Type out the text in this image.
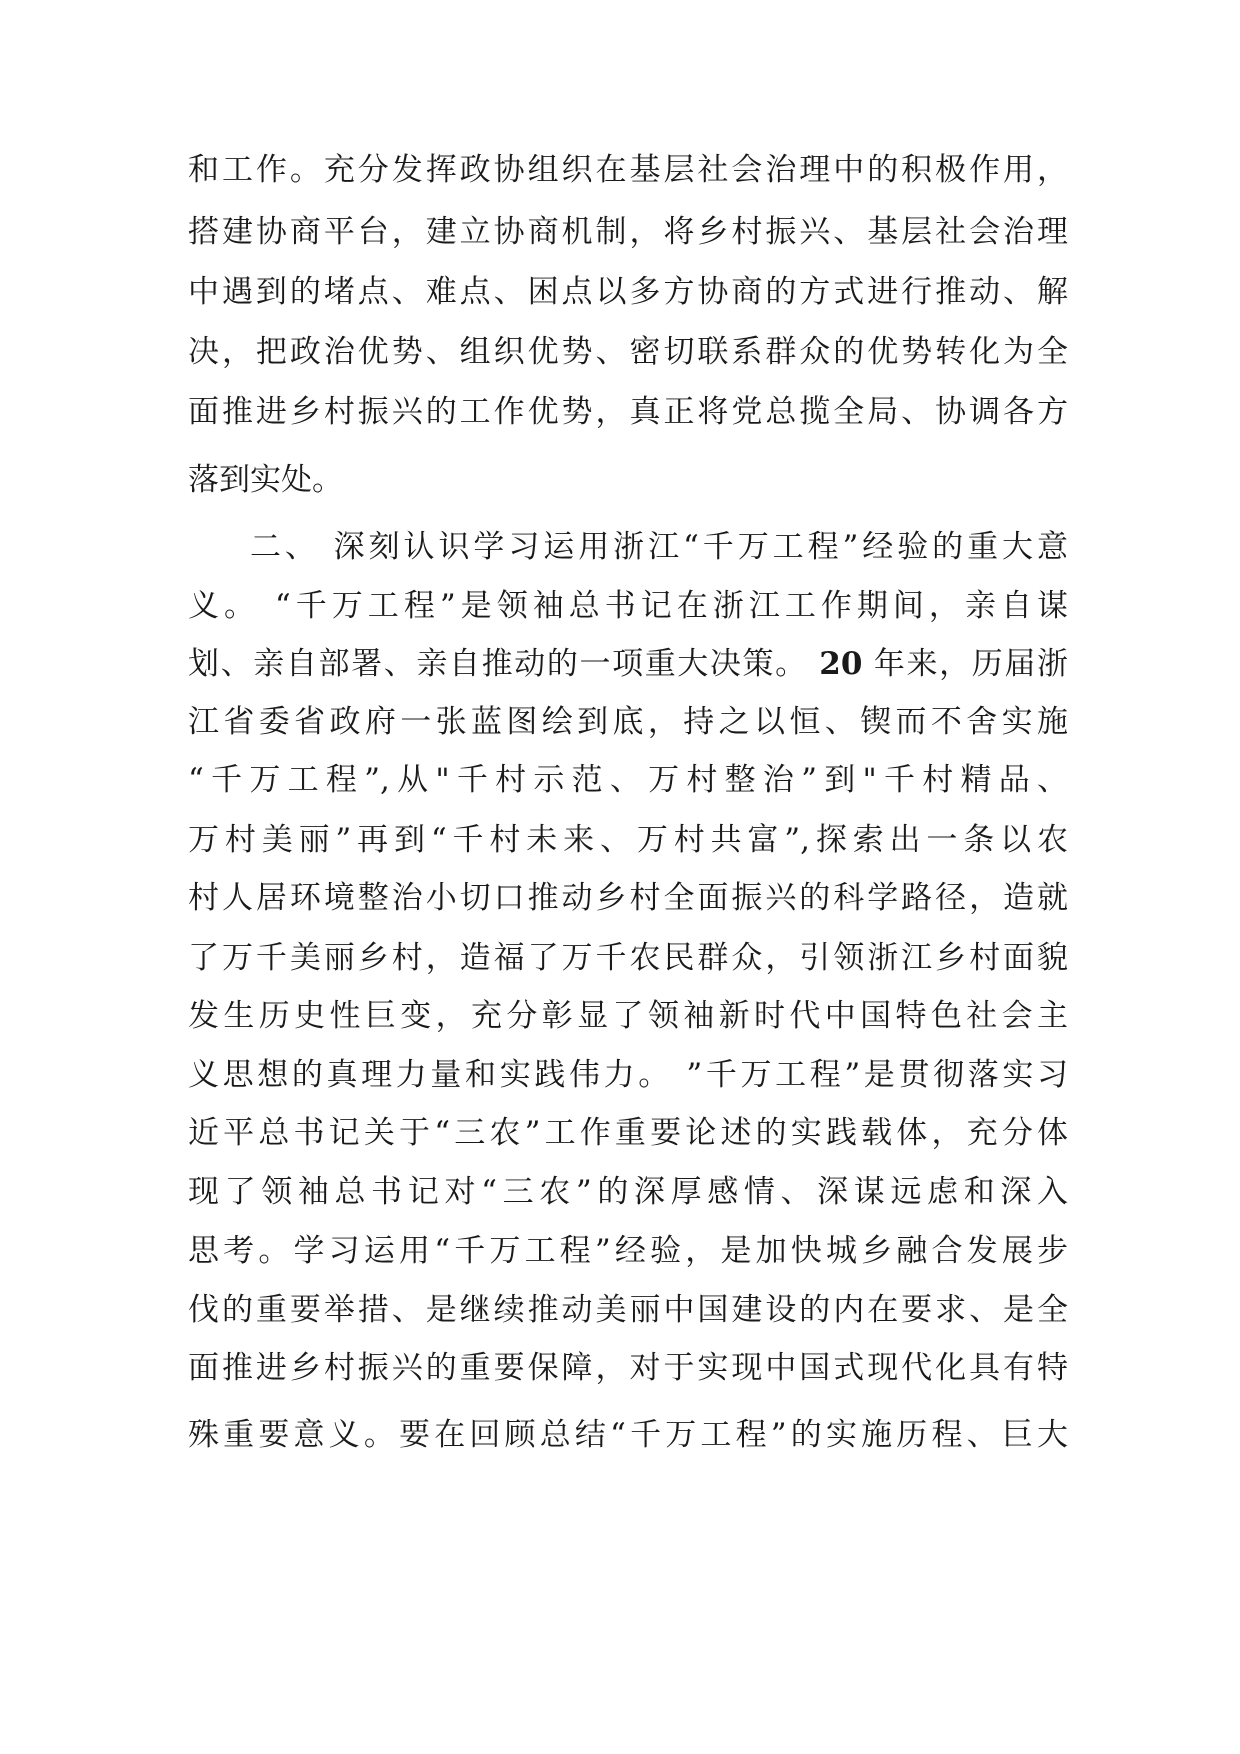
和工作。充分发挥政协组织在基层社会治理中的积极作用，
搭建协商平台，建立协商机制，将乡村振兴、基层社会治理
中遇到的堵点、难点、困点以多方协商的方式进行推动、解
决，把政治优势、组织优势、密切联系群众的优势转化为全
面推进乡村振兴的工作优势，真正将党总揽全局、协调各方
落到实处。
二、 深刻认识学习运用浙江“千万工程”经验的重大意
义。 “千万工程”是领袖总书记在浙江工作期间，亲自谋
划、亲自部署、亲自推动的一项重大决策。 20 年来，历届浙
江省委省政府一张蓝图绘到底，持之以恒、锲而不舍实施
“千万工程”,从"千村示范、万村整治”到"千村精品、
万村美丽”再到“千村未来、万村共富”,探索出一条以农
村人居环境整治小切口推动乡村全面振兴的科学路径，造就
了万千美丽乡村，造福了万千农民群众，引领浙江乡村面貌
发生历史性巨变，充分彰显了领袖新时代中国特色社会主
义思想的真理力量和实践伟力。 ”千万工程”是贯彻落实习
近平总书记关于“三农”工作重要论述的实践载体，充分体
现了领袖总书记对“三农”的深厚感情、深谋远虑和深入
思考。学习运用“千万工程”经验，是加快城乡融合发展步
伐的重要举措、是继续推动美丽中国建设的内在要求、是全
面推进乡村振兴的重要保障，对于实现中国式现代化具有特
殊重要意义。要在回顾总结“千万工程”的实施历程、巨大
